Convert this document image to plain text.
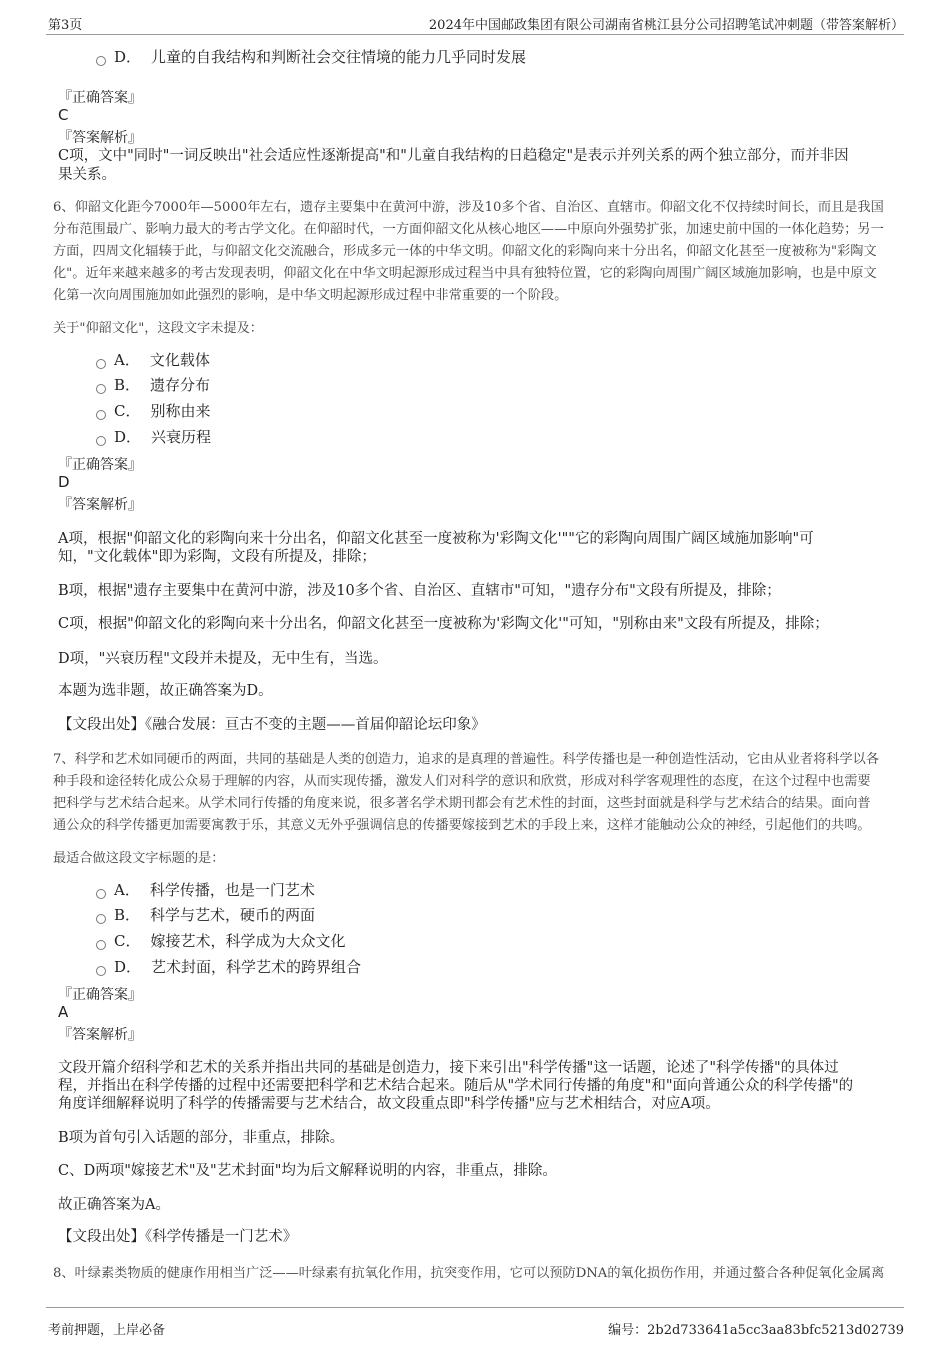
第3页	2024年中国邮政集团有限公司湖南省桃江县分公司招聘笔试冲刺题（带答案解析）
D． 儿童的自我结构和判断社会交往情境的能力几乎同时发展
『正确答案』
C
『答案解析』
C项，文中"同时"一词反映出"社会适应性逐渐提高"和"儿童自我结构的日趋稳定"是表示并列关系的两个独立部分，而并非因
果关系。
6、仰韶文化距今7000年—5000年左右，遗存主要集中在黄河中游，涉及10多个省、自治区、直辖市。仰韶文化不仅持续时间长，而且是我国
分布范围最广、影响力最大的考古学文化。在仰韶时代，一方面仰韶文化从核心地区——中原向外强势扩张，加速史前中国的一体化趋势；另一
方面，四周文化辐辏于此，与仰韶文化交流融合，形成多元一体的中华文明。仰韶文化的彩陶向来十分出名，仰韶文化甚至一度被称为"彩陶文
化"。近年来越来越多的考古发现表明，仰韶文化在中华文明起源形成过程当中具有独特位置，它的彩陶向周围广阔区域施加影响，也是中原文
化第一次向周围施加如此强烈的影响，是中华文明起源形成过程中非常重要的一个阶段。
关于"仰韶文化"，这段文字未提及：
A． 文化载体
B． 遗存分布
C． 别称由来
D． 兴衰历程
『正确答案』
D
『答案解析』
A项，根据"仰韶文化的彩陶向来十分出名，仰韶文化甚至一度被称为'彩陶文化'""它的彩陶向周围广阔区域施加影响"可
知，"文化载体"即为彩陶，文段有所提及，排除；
B项，根据"遗存主要集中在黄河中游，涉及10多个省、自治区、直辖市"可知，"遗存分布"文段有所提及，排除；
C项，根据"仰韶文化的彩陶向来十分出名，仰韶文化甚至一度被称为'彩陶文化'"可知，"别称由来"文段有所提及，排除；
D项，"兴衰历程"文段并未提及，无中生有，当选。
本题为选非题，故正确答案为D。
【文段出处】《融合发展：亘古不变的主题——首届仰韶论坛印象》
7、科学和艺术如同硬币的两面，共同的基础是人类的创造力，追求的是真理的普遍性。科学传播也是一种创造性活动，它由从业者将科学以各
种手段和途径转化成公众易于理解的内容，从而实现传播，激发人们对科学的意识和欣赏，形成对科学客观理性的态度，在这个过程中也需要
把科学与艺术结合起来。从学术同行传播的角度来说，很多著名学术期刊都会有艺术性的封面，这些封面就是科学与艺术结合的结果。面向普
通公众的科学传播更加需要寓教于乐，其意义无外乎强调信息的传播要嫁接到艺术的手段上来，这样才能触动公众的神经，引起他们的共鸣。
最适合做这段文字标题的是：
A． 科学传播，也是一门艺术
B． 科学与艺术，硬币的两面
C． 嫁接艺术，科学成为大众文化
D． 艺术封面，科学艺术的跨界组合
『正确答案』
A
『答案解析』
文段开篇介绍科学和艺术的关系并指出共同的基础是创造力，接下来引出"科学传播"这一话题，论述了"科学传播"的具体过
程，并指出在科学传播的过程中还需要把科学和艺术结合起来。随后从"学术同行传播的角度"和"面向普通公众的科学传播"的
角度详细解释说明了科学的传播需要与艺术结合，故文段重点即"科学传播"应与艺术相结合，对应A项。
B项为首句引入话题的部分，非重点，排除。
C、D两项"嫁接艺术"及"艺术封面"均为后文解释说明的内容，非重点，排除。
故正确答案为A。
【文段出处】《科学传播是一门艺术》
8、叶绿素类物质的健康作用相当广泛——叶绿素有抗氧化作用，抗突变作用，它可以预防DNA的氧化损伤作用，并通过螯合各种促氧化金属离
考前押题，上岸必备	编号：2b2d733641a5cc3aa83bfc5213d02739
